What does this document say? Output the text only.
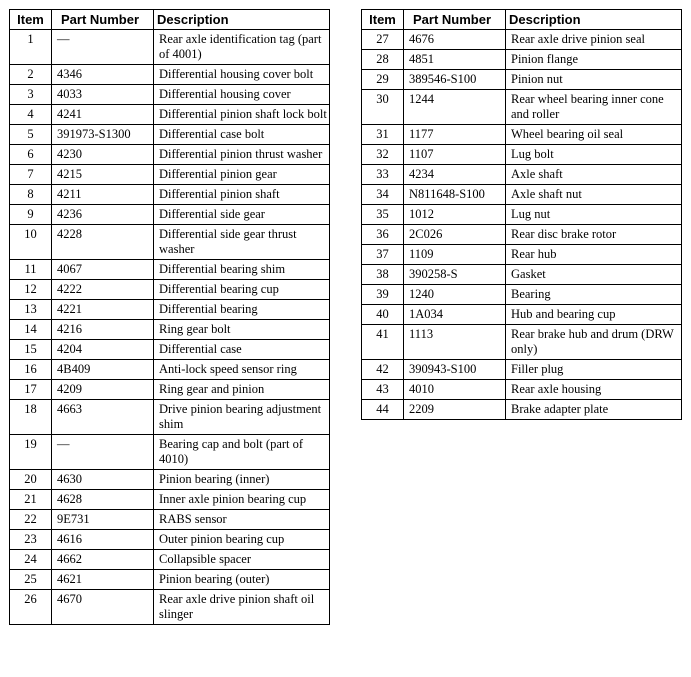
Item	Part Number	Description
1	—	Rear axle identification tag (part of 4001)
2	4346	Differential housing cover bolt
3	4033	Differential housing cover
4	4241	Differential pinion shaft lock bolt
5	391973-S1300	Differential case bolt
6	4230	Differential pinion thrust washer
7	4215	Differential pinion gear
8	4211	Differential pinion shaft
9	4236	Differential side gear
10	4228	Differential side gear thrust washer
11	4067	Differential bearing shim
12	4222	Differential bearing cup
13	4221	Differential bearing
14	4216	Ring gear bolt
15	4204	Differential case
16	4B409	Anti-lock speed sensor ring
17	4209	Ring gear and pinion
18	4663	Drive pinion bearing adjustment shim
19	—	Bearing cap and bolt (part of 4010)
20	4630	Pinion bearing (inner)
21	4628	Inner axle pinion bearing cup
22	9E731	RABS sensor
23	4616	Outer pinion bearing cup
24	4662	Collapsible spacer
25	4621	Pinion bearing (outer)
26	4670	Rear axle drive pinion shaft oil slinger
Item	Part Number	Description
27	4676	Rear axle drive pinion seal
28	4851	Pinion flange
29	389546-S100	Pinion nut
30	1244	Rear wheel bearing inner cone and roller
31	1177	Wheel bearing oil seal
32	1107	Lug bolt
33	4234	Axle shaft
34	N811648-S100	Axle shaft nut
35	1012	Lug nut
36	2C026	Rear disc brake rotor
37	1109	Rear hub
38	390258-S	Gasket
39	1240	Bearing
40	1A034	Hub and bearing cup
41	1113	Rear brake hub and drum (DRW only)
42	390943-S100	Filler plug
43	4010	Rear axle housing
44	2209	Brake adapter plate
